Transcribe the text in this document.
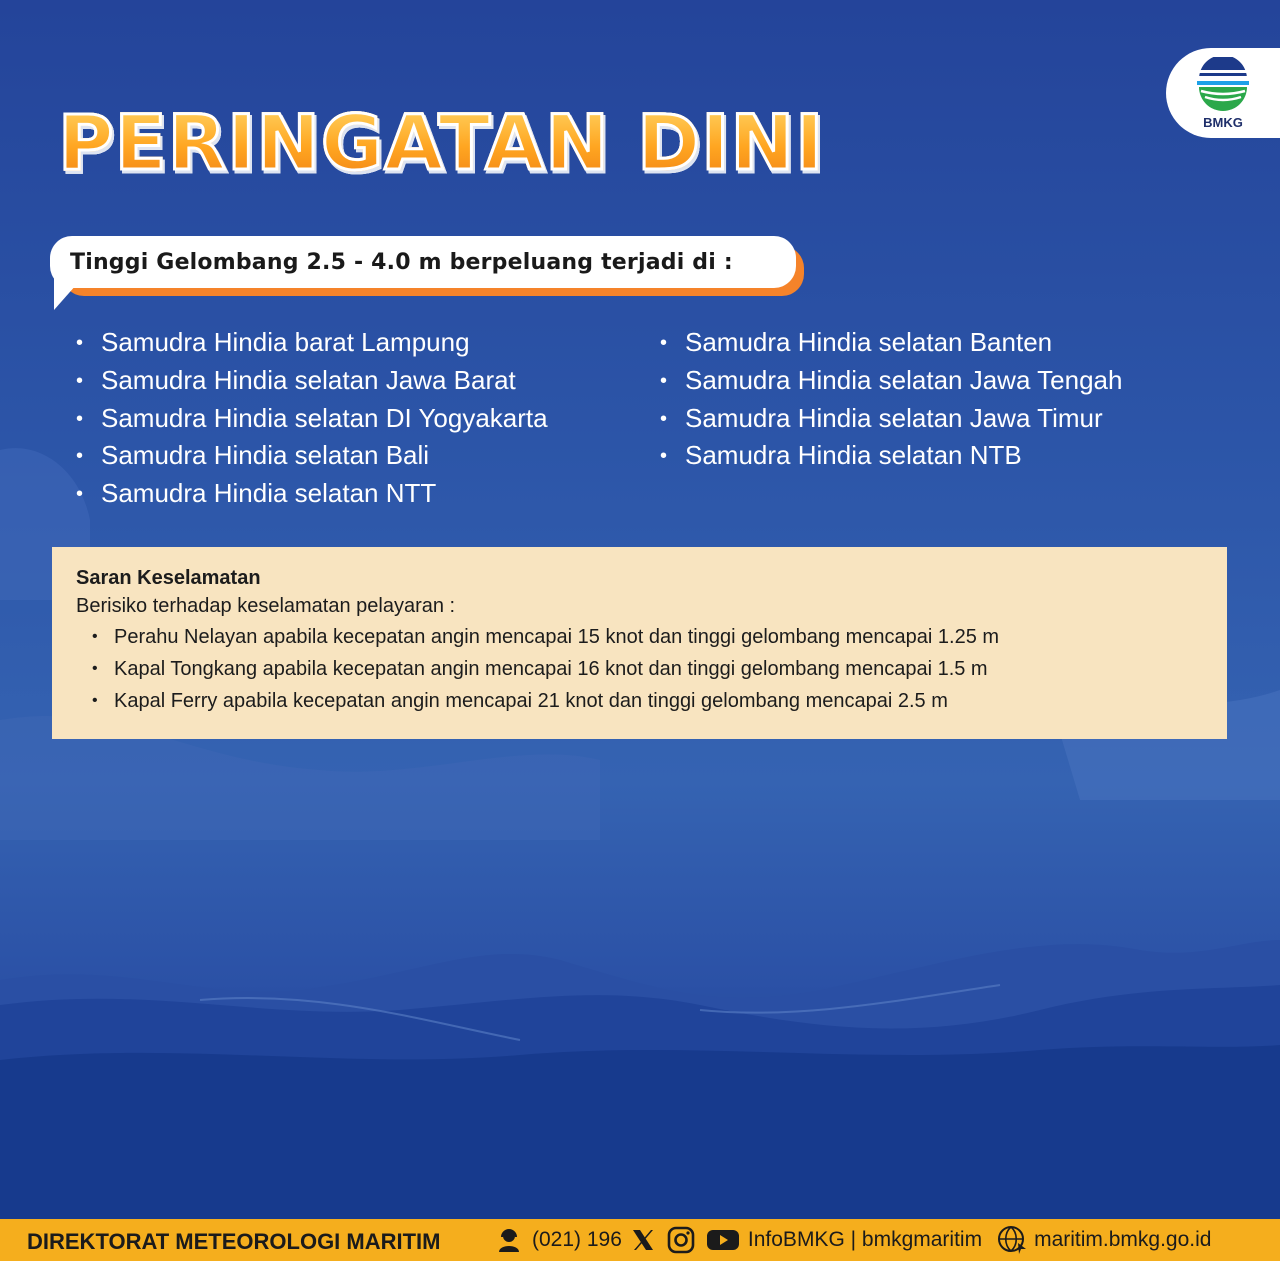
BMKG
PERINGATAN DINI
Tinggi Gelombang 2.5 - 4.0 m berpeluang terjadi di :
• Samudra Hindia barat Lampung
• Samudra Hindia selatan Jawa Barat
• Samudra Hindia selatan DI Yogyakarta
• Samudra Hindia selatan Bali
• Samudra Hindia selatan NTT
• Samudra Hindia selatan Banten
• Samudra Hindia selatan Jawa Tengah
• Samudra Hindia selatan Jawa Timur
• Samudra Hindia selatan NTB

Saran Keselamatan

Berisiko terhadap keselamatan pelayaran :

• Perahu Nelayan apabila kecepatan angin mencapai 15 knot dan tinggi gelombang mencapai 1.25 m
• Kapal Tongkang apabila kecepatan angin mencapai 16 knot dan tinggi gelombang mencapai 1.5 m
• Kapal Ferry apabila kecepatan angin mencapai 21 knot dan tinggi gelombang mencapai 2.5 m
DIREKTORAT METEOROLOGI MARITIM	(021) 196	InfoBMKG | bmkgmaritim maritim.bmkg.go.id
